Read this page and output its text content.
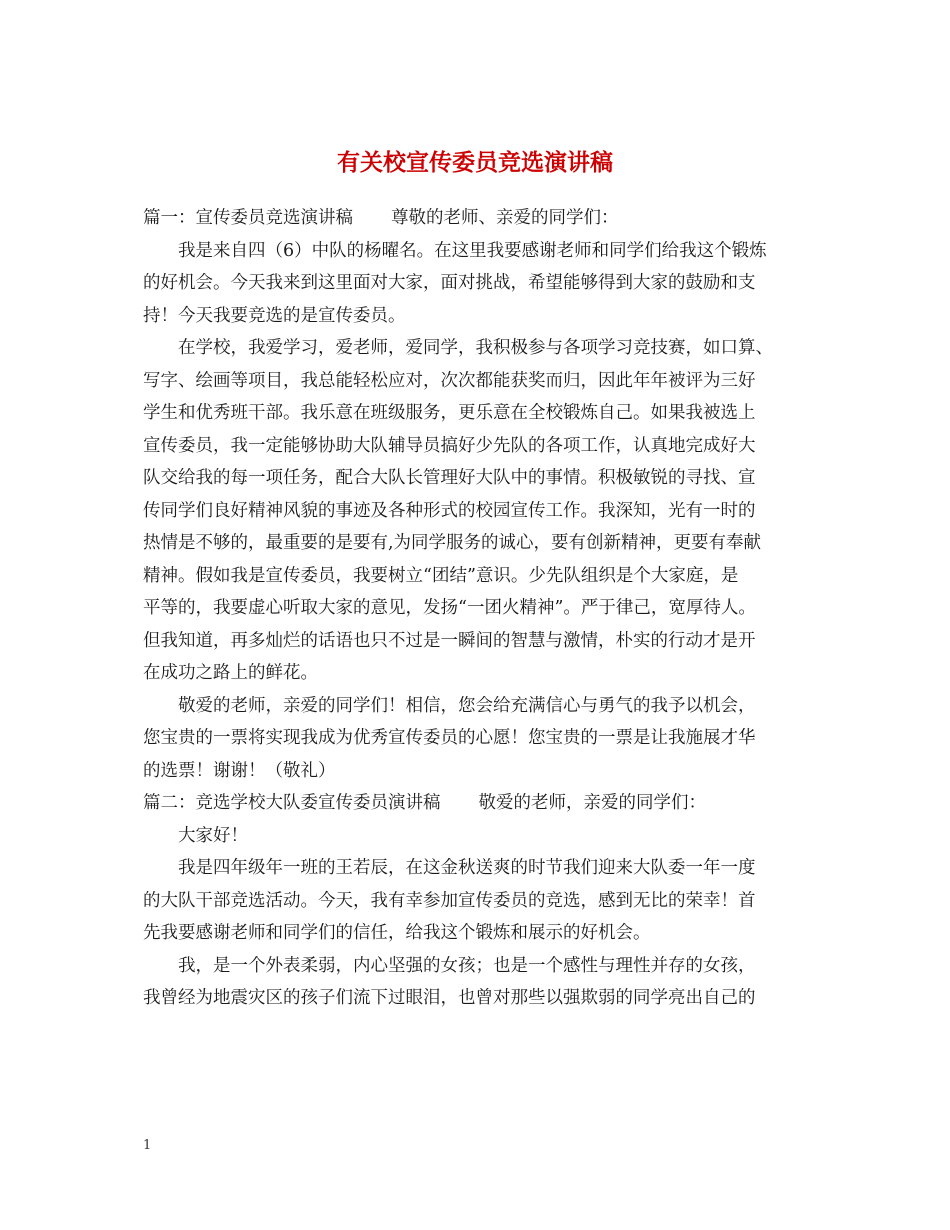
有关校宣传委员竞选演讲稿

篇一：宣传委员竞选演讲稿 尊敬的老师、亲爱的同学们：

我是来自四（6）中队的杨曜名。在这里我要感谢老师和同学们给我这个锻炼

的好机会。今天我来到这里面对大家，面对挑战，希望能够得到大家的鼓励和支

持！今天我要竞选的是宣传委员。

在学校，我爱学习，爱老师，爱同学，我积极参与各项学习竞技赛，如口算、

写字、绘画等项目，我总能轻松应对，次次都能获奖而归，因此年年被评为三好

学生和优秀班干部。我乐意在班级服务，更乐意在全校锻炼自己。如果我被选上

宣传委员，我一定能够协助大队辅导员搞好少先队的各项工作，认真地完成好大

队交给我的每一项任务，配合大队长管理好大队中的事情。积极敏锐的寻找、宣

传同学们良好精神风貌的事迹及各种形式的校园宣传工作。我深知，光有一时的

热情是不够的，最重要的是要有,为同学服务的诚心，要有创新精神，更要有奉献

精神。假如我是宣传委员，我要树立“团结”意识。少先队组织是个大家庭，是

平等的，我要虚心听取大家的意见，发扬“一团火精神”。严于律己，宽厚待人。

但我知道，再多灿烂的话语也只不过是一瞬间的智慧与激情，朴实的行动才是开

在成功之路上的鲜花。

敬爱的老师，亲爱的同学们！相信，您会给充满信心与勇气的我予以机会，

您宝贵的一票将实现我成为优秀宣传委员的心愿！您宝贵的一票是让我施展才华

的选票！谢谢！（敬礼）

篇二：竞选学校大队委宣传委员演讲稿 敬爱的老师，亲爱的同学们：

大家好！

我是四年级年一班的王若辰，在这金秋送爽的时节我们迎来大队委一年一度

的大队干部竞选活动。今天，我有幸参加宣传委员的竞选，感到无比的荣幸！首

先我要感谢老师和同学们的信任，给我这个锻炼和展示的好机会。

我，是一个外表柔弱，内心坚强的女孩；也是一个感性与理性并存的女孩，

我曾经为地震灾区的孩子们流下过眼泪，也曾对那些以强欺弱的同学亮出自己的

1
